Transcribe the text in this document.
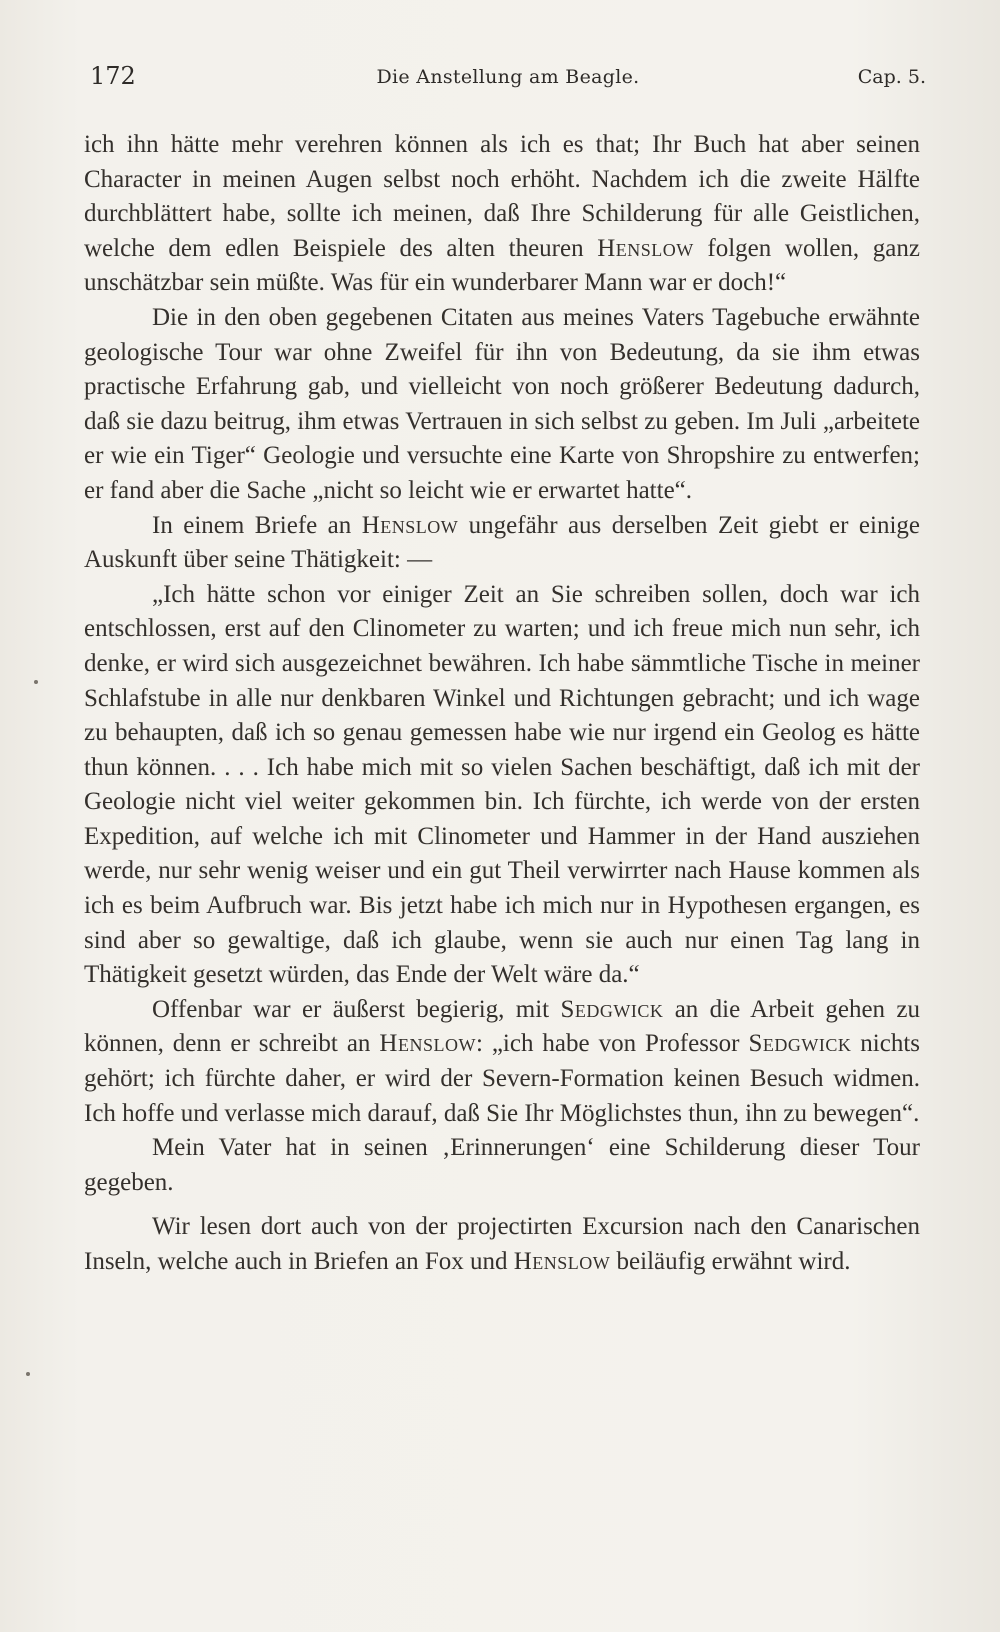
172	Die Anstellung am Beagle.	Cap. 5.

ich ihn hätte mehr verehren können als ich es that; Ihr Buch hat aber seinen Character in meinen Augen selbst noch erhöht. Nachdem ich die zweite Hälfte durchblättert habe, sollte ich meinen, daß Ihre Schilderung für alle Geistlichen, welche dem edlen Beispiele des alten theuren Henslow folgen wollen, ganz unschätzbar sein müßte. Was für ein wunderbarer Mann war er doch!“

Die in den oben gegebenen Citaten aus meines Vaters Tagebuche erwähnte geologische Tour war ohne Zweifel für ihn von Bedeutung, da sie ihm etwas practische Erfahrung gab, und vielleicht von noch größerer Bedeutung dadurch, daß sie dazu beitrug, ihm etwas Vertrauen in sich selbst zu geben. Im Juli „arbeitete er wie ein Tiger“ Geologie und versuchte eine Karte von Shropshire zu entwerfen; er fand aber die Sache „nicht so leicht wie er erwartet hatte“.

In einem Briefe an Henslow ungefähr aus derselben Zeit giebt er einige Auskunft über seine Thätigkeit: —

„Ich hätte schon vor einiger Zeit an Sie schreiben sollen, doch war ich entschlossen, erst auf den Clinometer zu warten; und ich freue mich nun sehr, ich denke, er wird sich ausgezeichnet bewähren. Ich habe sämmtliche Tische in meiner Schlafstube in alle nur denkbaren Winkel und Richtungen gebracht; und ich wage zu behaupten, daß ich so genau gemessen habe wie nur irgend ein Geolog es hätte thun können. . . . Ich habe mich mit so vielen Sachen beschäftigt, daß ich mit der Geologie nicht viel weiter gekommen bin. Ich fürchte, ich werde von der ersten Expedition, auf welche ich mit Clinometer und Hammer in der Hand ausziehen werde, nur sehr wenig weiser und ein gut Theil verwirrter nach Hause kommen als ich es beim Aufbruch war. Bis jetzt habe ich mich nur in Hypothesen ergangen, es sind aber so gewaltige, daß ich glaube, wenn sie auch nur einen Tag lang in Thätigkeit gesetzt würden, das Ende der Welt wäre da.“

Offenbar war er äußerst begierig, mit Sedgwick an die Arbeit gehen zu können, denn er schreibt an Henslow: „ich habe von Professor Sedgwick nichts gehört; ich fürchte daher, er wird der Severn-Formation keinen Besuch widmen. Ich hoffe und verlasse mich darauf, daß Sie Ihr Möglichstes thun, ihn zu bewegen“.

Mein Vater hat in seinen ‚Erinnerungen‘ eine Schilderung dieser Tour gegeben.

Wir lesen dort auch von der projectirten Excursion nach den Canarischen Inseln, welche auch in Briefen an Fox und Henslow beiläufig erwähnt wird.
